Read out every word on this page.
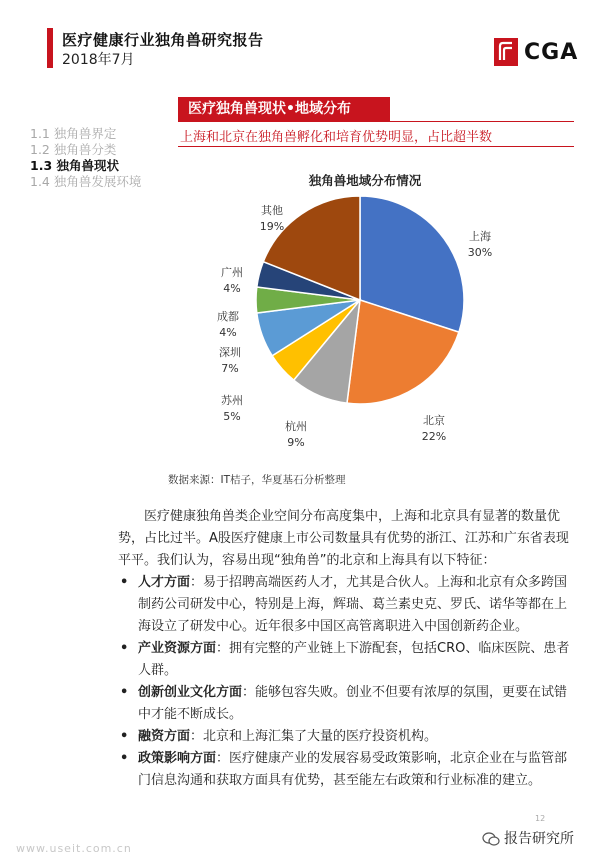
医疗健康行业独角兽研究报告
2018年7月	CGA
1.1 独角兽界定
1.2 独角兽分类
1.3 独角兽现状
1.4 独角兽发展环境
医疗独角兽现状•地域分布
上海和北京在独角兽孵化和培育优势明显，占比超半数
独角兽地域分布情况
上海
30%
北京
22%
杭州
9%
苏州
5%
深圳
7%
成都
4%
广州
4%
其他
19%
数据来源：IT桔子，华夏基石分析整理

医疗健康独角兽类企业空间分布高度集中，上海和北京具有显著的数量优势，占比过半。A股医疗健康上市公司数量具有优势的浙江、江苏和广东省表现平平。我们认为，容易出现“独角兽”的北京和上海具有以下特征：

• 人才方面：易于招聘高端医药人才，尤其是合伙人。上海和北京有众多跨国制药公司研发中心，特别是上海，辉瑞、葛兰素史克、罗氏、诺华等都在上海设立了研发中心。近年很多中国区高管离职进入中国创新药企业。
• 产业资源方面：拥有完整的产业链上下游配套，包括CRO、临床医院、患者人群。
• 创新创业文化方面：能够包容失败。创业不但要有浓厚的氛围，更要在试错中才能不断成长。
• 融资方面：北京和上海汇集了大量的医疗投资机构。
• 政策影响方面：医疗健康产业的发展容易受政策影响，北京企业在与监管部门信息沟通和获取方面具有优势，甚至能左右政策和行业标准的建立。
12
www.useit.com.cn
报告研究所
